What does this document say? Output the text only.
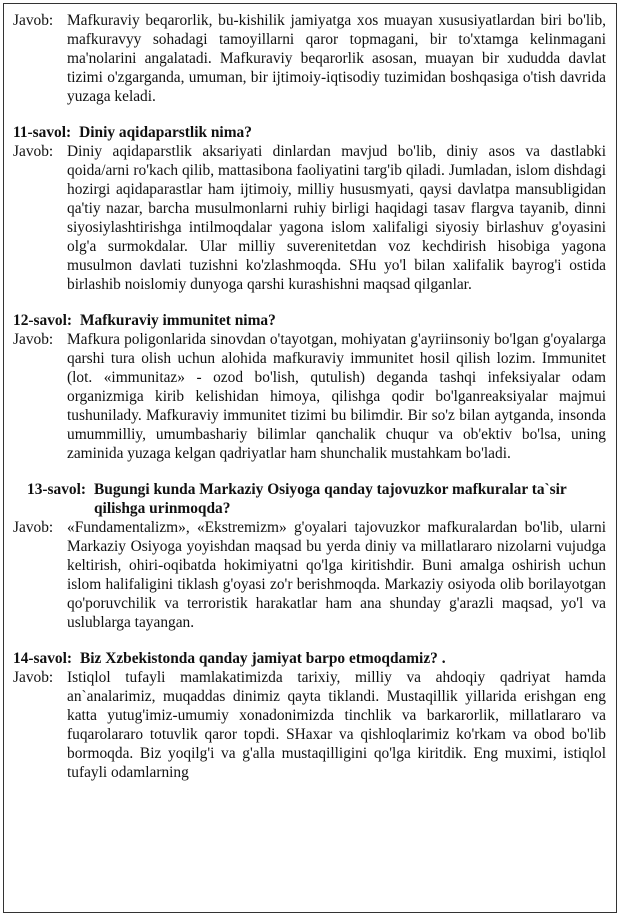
Javob: Mafkuraviy beqarorlik, bu-kishilik jamiyatga xos muayan xususiyatlardan biri bo'lib, mafkuravyy sohadagi tamoyillarni qaror topmagani, bir to'xtamga kelinmagani ma'nolarini angalatadi. Mafkuraviy beqarorlik asosan, muayan bir xududda davlat tizimi o'zgarganda, umuman, bir ijtimoiy-iqtisodiy tuzimidan boshqasiga o'tish davrida yuzaga keladi.
11-savol: Diniy aqidaparstlik nima?
Javob: Diniy aqidaparstlik aksariyati dinlardan mavjud bo'lib, diniy asos va dastlabki qoida/arni ro'kach qilib, mattasibona faoliyatini targ'ib qiladi. Jumladan, islom dishdagi hozirgi aqidaparastlar ham ijtimoiy, milliy hususmyati, qaysi davlatpa mansubligidan qa'tiy nazar, barcha musulmonlarni ruhiy birligi haqidagi tasav flargva tayanib, dinni siyosiylashtirishga intilmoqdalar yagona islom xalifaligi siyosiy birlashuv g'oyasini olg'a surmokdalar. Ular milliy suverenitetdan voz kechdirish hisobiga yagona musulmon davlati tuzishni ko'zlashmoqda. SHu yo'l bilan xalifalik bayrog'i ostida birlashib noislomiy dunyoga qarshi kurashishni maqsad qilganlar.
12-savol: Mafkuraviy immunitet nima?
Javob: Mafkura poligonlarida sinovdan o'tayotgan, mohiyatan g'ayriinsoniy bo'lgan g'oyalarga qarshi tura olish uchun alohida mafkuraviy immunitet hosil qilish lozim. Immunitet (lot. «immunitaz» - ozod bo'lish, qutulish) deganda tashqi infeksiyalar odam organizmiga kirib kelishidan himoya, qilishga qodir bo'lganreaksiyalar majmui tushunilady. Mafkuraviy immunitet tizimi bu bilimdir. Bir so'z bilan aytganda, insonda umummilliy, umumbashariy bilimlar qanchalik chuqur va ob'ektiv bo'lsa, uning zaminida yuzaga kelgan qadriyatlar ham shunchalik mustahkam bo'ladi.
13-savol: Bugungi kunda Markaziy Osiyoga qanday tajovuzkor mafkuralar ta`sir qilishga urinmoqda?
Javob: «Fundamentalizm», «Ekstremizm» g'oyalari tajovuzkor mafkuralardan bo'lib, ularni Markaziy Osiyoga yoyishdan maqsad bu yerda diniy va millatlararo nizolarni vujudga keltirish, ohiri-oqibatda hokimiyatni qo'lga kiritishdir. Buni amalga oshirish uchun islom halifaligini tiklash g'oyasi zo'r berishmoqda. Markaziy osiyoda olib borilayotgan qo'poruvchilik va terroristik harakatlar ham ana shunday g'arazli maqsad, yo'l va uslublarga tayangan.
14-savol: Biz Xzbekistonda qanday jamiyat barpo etmoqdamiz? .
Javob: Istiqlol tufayli mamlakatimizda tarixiy, milliy va ahdoqiy qadriyat hamda an`analarimiz, muqaddas dinimiz qayta tiklandi. Mustaqillik yillarida erishgan eng katta yutug'imiz-umumiy xonadonimizda tinchlik va barkarorlik, millatlararo va fuqarolararo totuvlik qaror topdi. SHaxar va qishloqlarimiz ko'rkam va obod bo'lib bormoqda. Biz yoqilg'i va g'alla mustaqilligini qo'lga kiritdik. Eng muximi, istiqlol tufayli odamlarning
